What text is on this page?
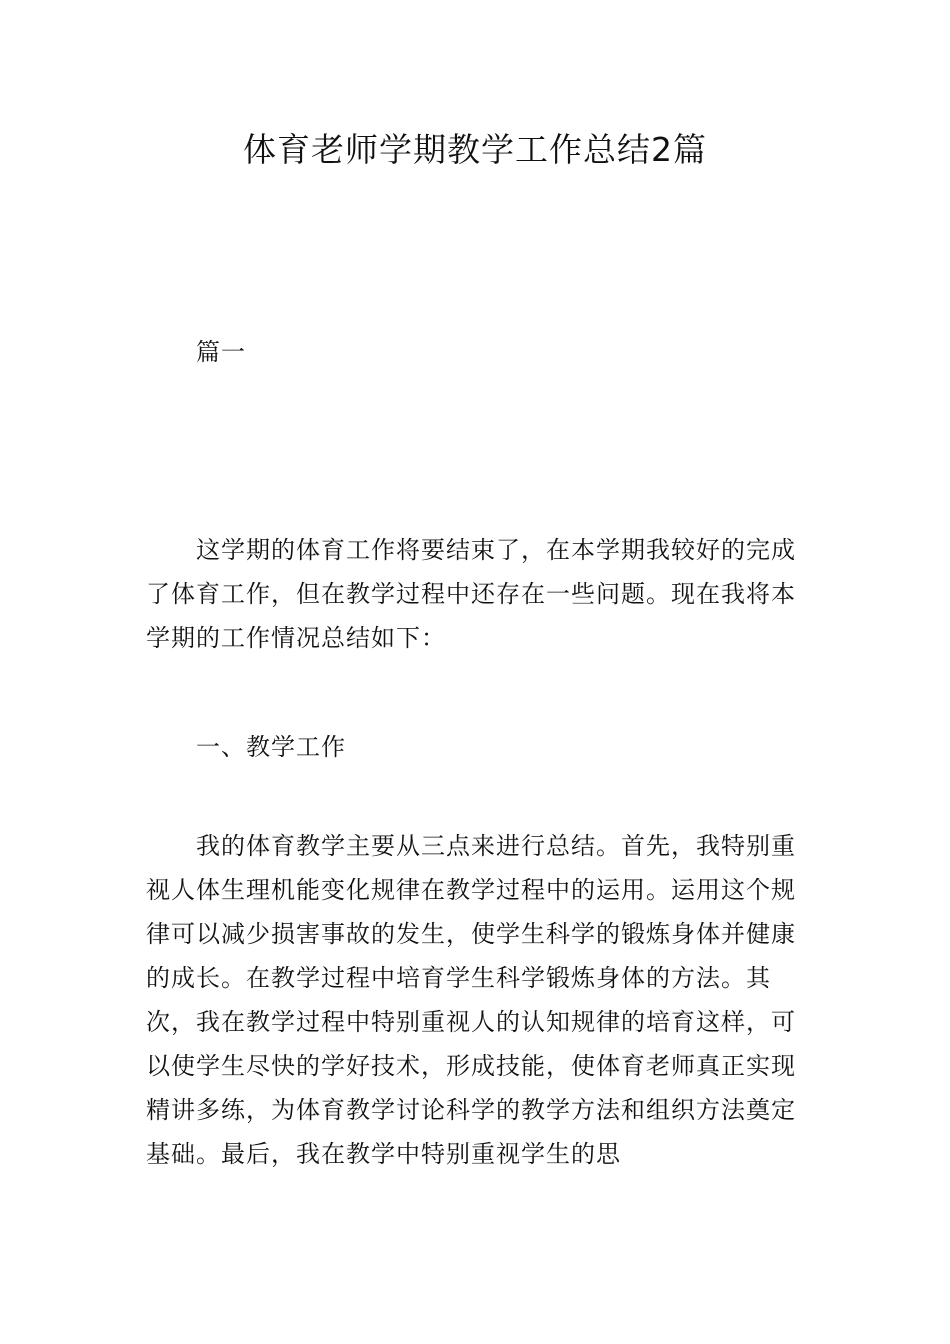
体育老师学期教学工作总结2篇

篇一

这学期的体育工作将要结束了，在本学期我较好的完成了体育工作，但在教学过程中还存在一些问题。现在我将本学期的工作情况总结如下：

一、教学工作

我的体育教学主要从三点来进行总结。首先，我特别重视人体生理机能变化规律在教学过程中的运用。运用这个规律可以减少损害事故的发生，使学生科学的锻炼身体并健康的成长。在教学过程中培育学生科学锻炼身体的方法。其次，我在教学过程中特别重视人的认知规律的培育这样，可以使学生尽快的学好技术，形成技能，使体育老师真正实现精讲多练，为体育教学讨论科学的教学方法和组织方法奠定基础。最后，我在教学中特别重视学生的思
